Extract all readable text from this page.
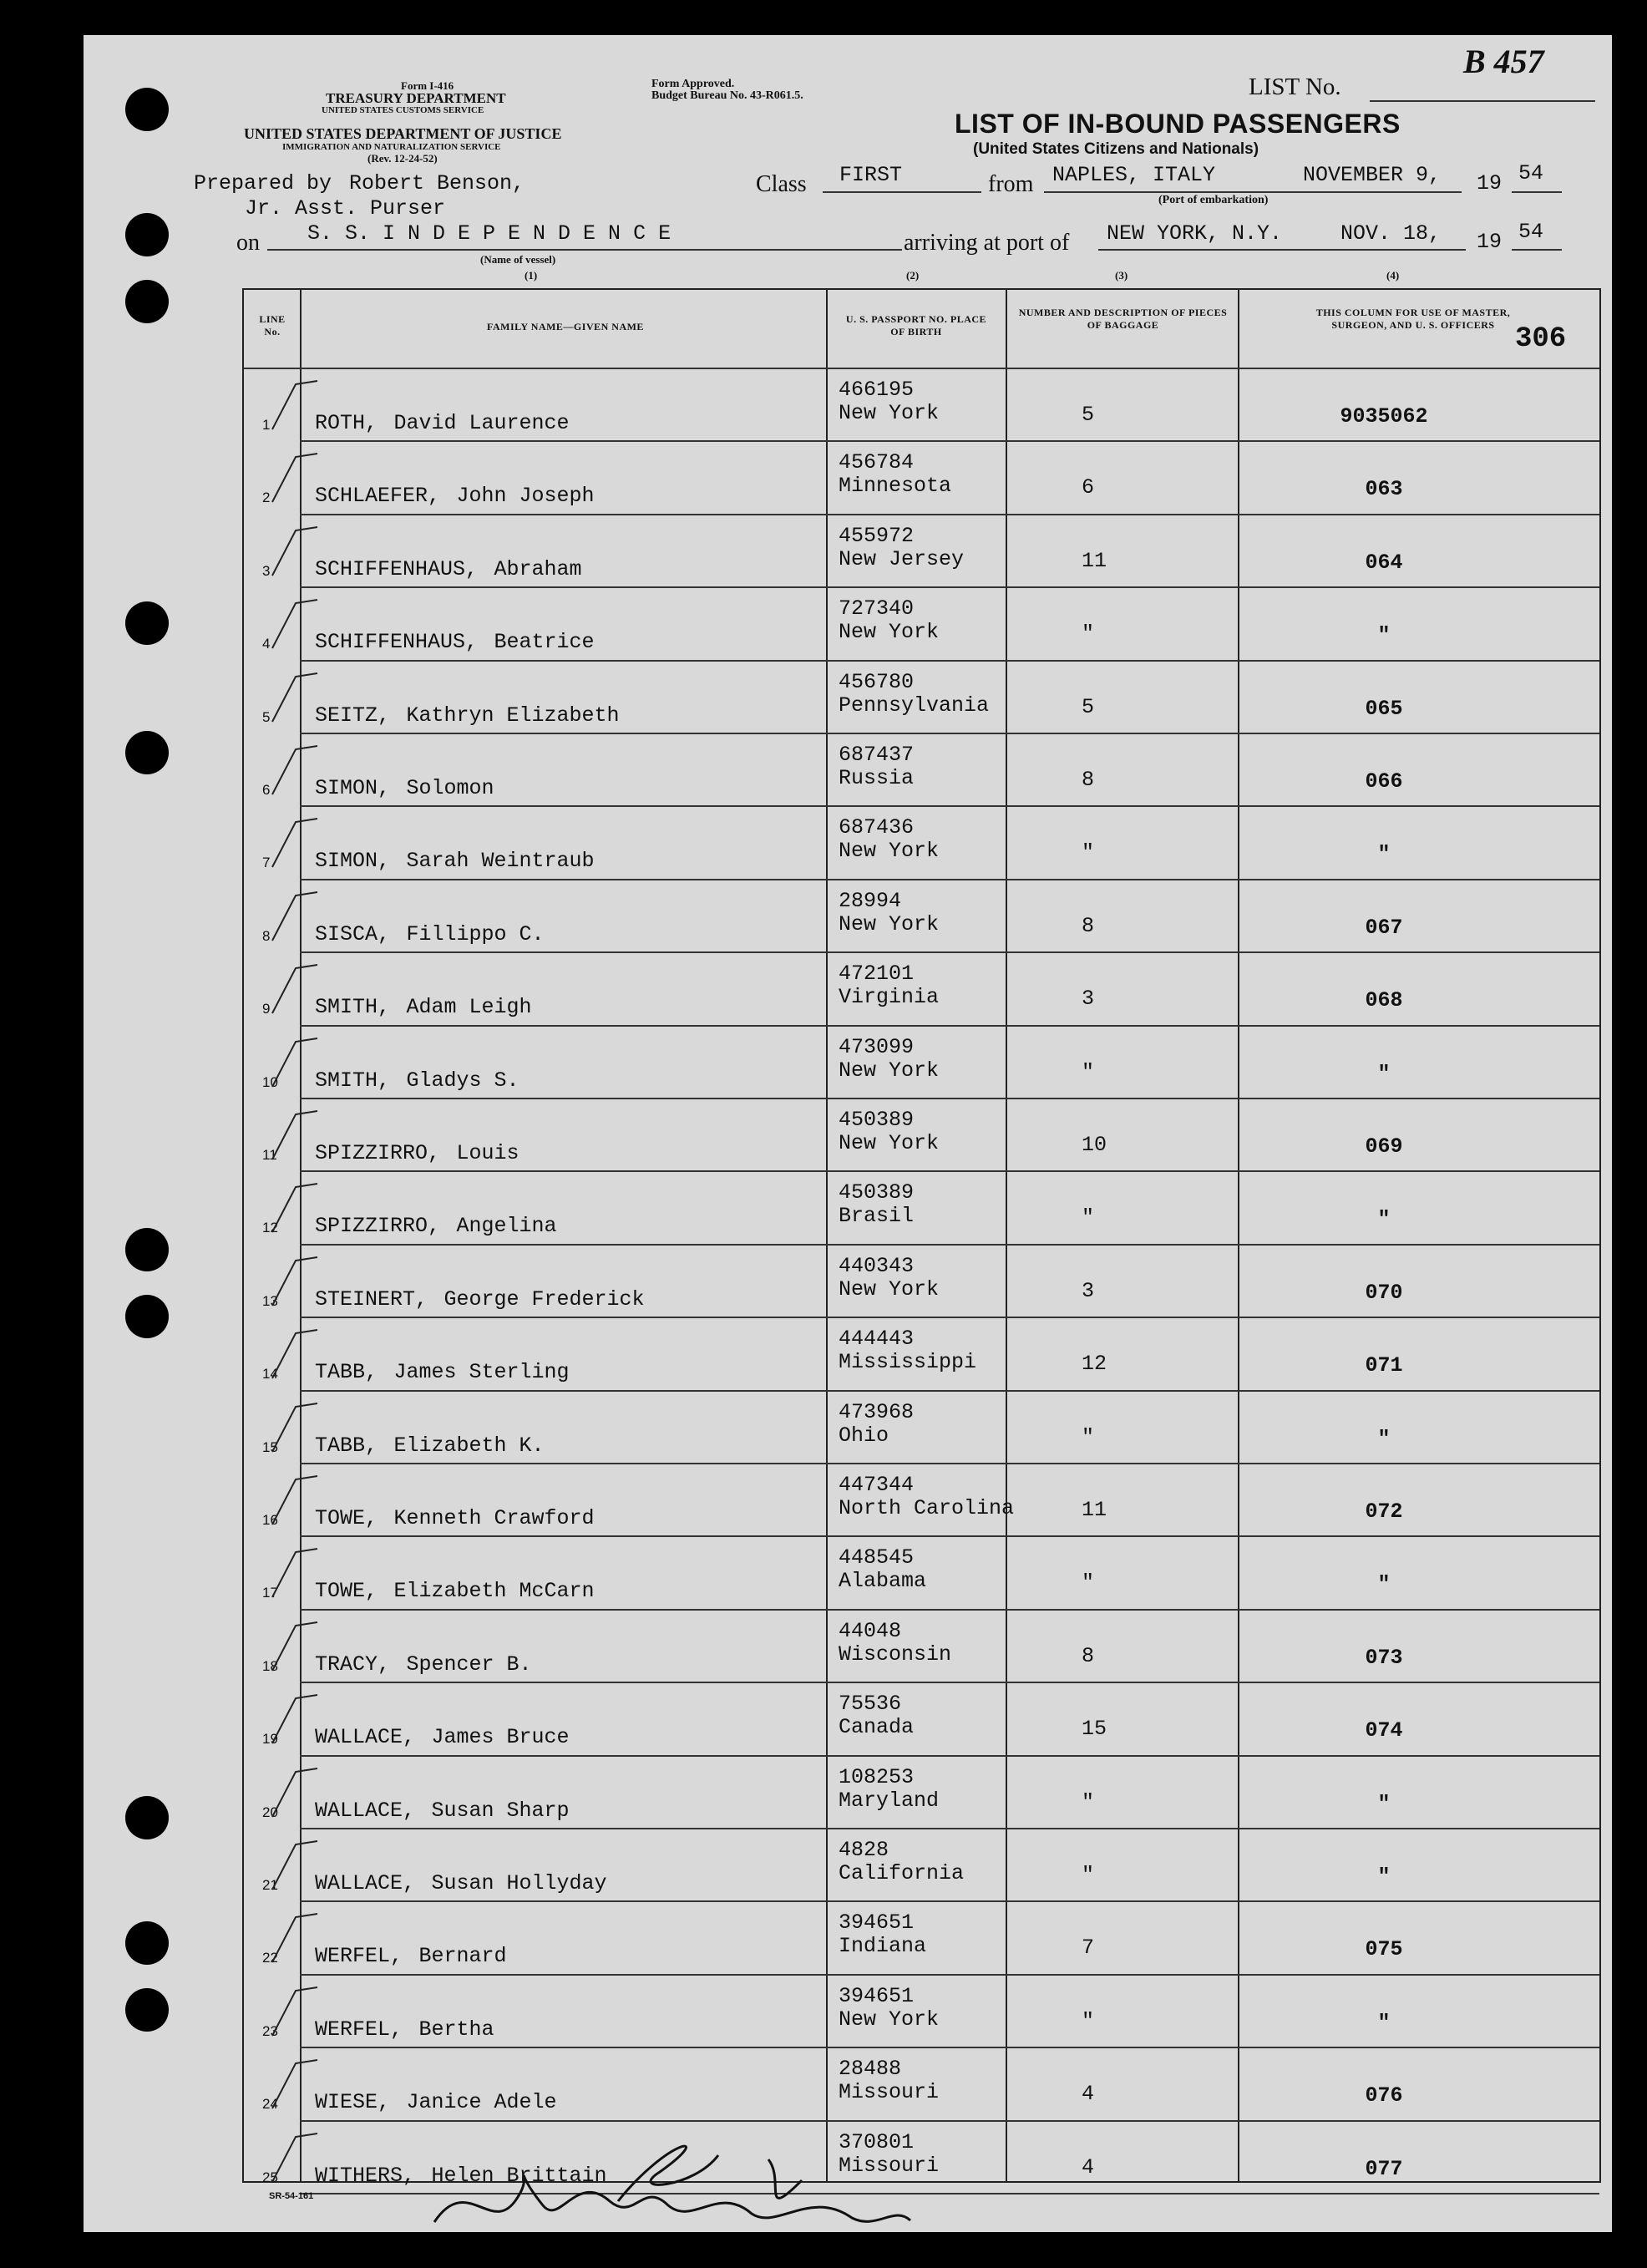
B 457
Form I-416
TREASURY DEPARTMENT
UNITED STATES CUSTOMS SERVICE
UNITED STATES DEPARTMENT OF JUSTICE
IMMIGRATION AND NATURALIZATION SERVICE
(Rev. 12-24-52)
Form Approved.
Budget Bureau No. 43-R061.5.	LIST No.
LIST OF IN-BOUND PASSENGERS
(United States Citizens and Nationals)
Prepared by Robert Benson,
Jr. Asst. Purser
Class FIRST	from NAPLES, ITALY	NOVEMBER 9, 19 54
(Port of embarkation)
on S. S. I N D E P E N D E N C E
(Name of vessel)
arriving at port of NEW YORK, N.Y.	NOV. 18, 19 54
(1)	(2)	(3)	(4)
LINE No.	FAMILY NAME—GIVEN NAME
U. S. PASSPORT NO. PLACE OF BIRTH
NUMBER AND DESCRIPTION OF PIECES OF BAGGAGE
THIS COLUMN FOR USE OF MASTER, SURGEON, AND U. S. OFFICERS 306
1 ROTH, David Laurence
466195
New York	5	9035062
2 SCHLAEFER, John Joseph
456784
Minnesota	6	063
3 SCHIFFENHAUS, Abraham
455972
New Jersey	11	064
4 SCHIFFENHAUS, Beatrice
727340
New York	"	"
5 SEITZ, Kathryn Elizabeth
456780
Pennsylvania	5	065
6 SIMON, Solomon
687437
Russia	8	066
7 SIMON, Sarah Weintraub
687436
New York	"	"
8 SISCA, Fillippo C.
28994
New York	8	067
9 SMITH, Adam Leigh
472101
Virginia	3	068
10 SMITH, Gladys S.
473099
New York	"	"
11 SPIZZIRRO, Louis
450389
New York	10	069
12 SPIZZIRRO, Angelina
450389
Brasil	"	"
13 STEINERT, George Frederick
440343
New York	3	070
14 TABB, James Sterling
444443
Mississippi	12	071
15 TABB, Elizabeth K.
473968
Ohio	"	"
16 TOWE, Kenneth Crawford
447344
North Carolina	11	072
17 TOWE, Elizabeth McCarn
448545
Alabama	"	"
18 TRACY, Spencer B.
44048
Wisconsin	8	073
19 WALLACE, James Bruce
75536
Canada	15	074
20 WALLACE, Susan Sharp
108253
Maryland	"	"
21 WALLACE, Susan Hollyday
4828
California	"	"
22 WERFEL, Bernard
394651
Indiana	7	075
23 WERFEL, Bertha
394651
New York	"	"
24 WIESE, Janice Adele
28488
Missouri	4	076
25 WITHERS, Helen Brittain
370801
Missouri	4	077
SR-54-161
